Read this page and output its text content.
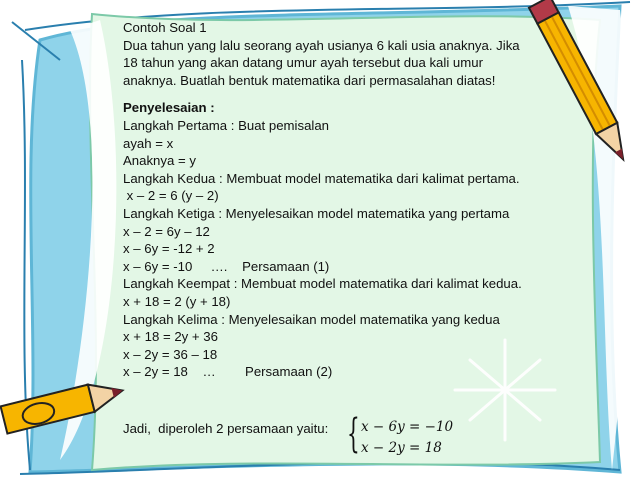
Contoh Soal 1
Dua tahun yang lalu seorang ayah usianya 6 kali usia anaknya. Jika
18 tahun yang akan datang umur ayah tersebut dua kali umur
anaknya. Buatlah bentuk matematika dari permasalahan diatas!
Penyelesaian :
Langkah Pertama : Buat pemisalan
ayah = x
Anaknya = y
Langkah Kedua : Membuat model matematika dari kalimat pertama.
x – 2 = 6 (y – 2)
Langkah Ketiga : Menyelesaikan model matematika yang pertama
x – 2 = 6y – 12
x – 6y = -12 + 2
x – 6y = -10     ….    Persamaan (1)
Langkah Keempat : Membuat model matematika dari kalimat kedua.
x + 18 = 2 (y + 18)
Langkah Kelima : Menyelesaikan model matematika yang kedua
x + 18 = 2y + 36
x – 2y = 36 – 18
x – 2y = 18    …        Persamaan (2)
Jadi,  diperoleh 2 persamaan yaitu: { 𝑥 − 6𝑦 = −10
𝑥 − 2𝑦 = 18
